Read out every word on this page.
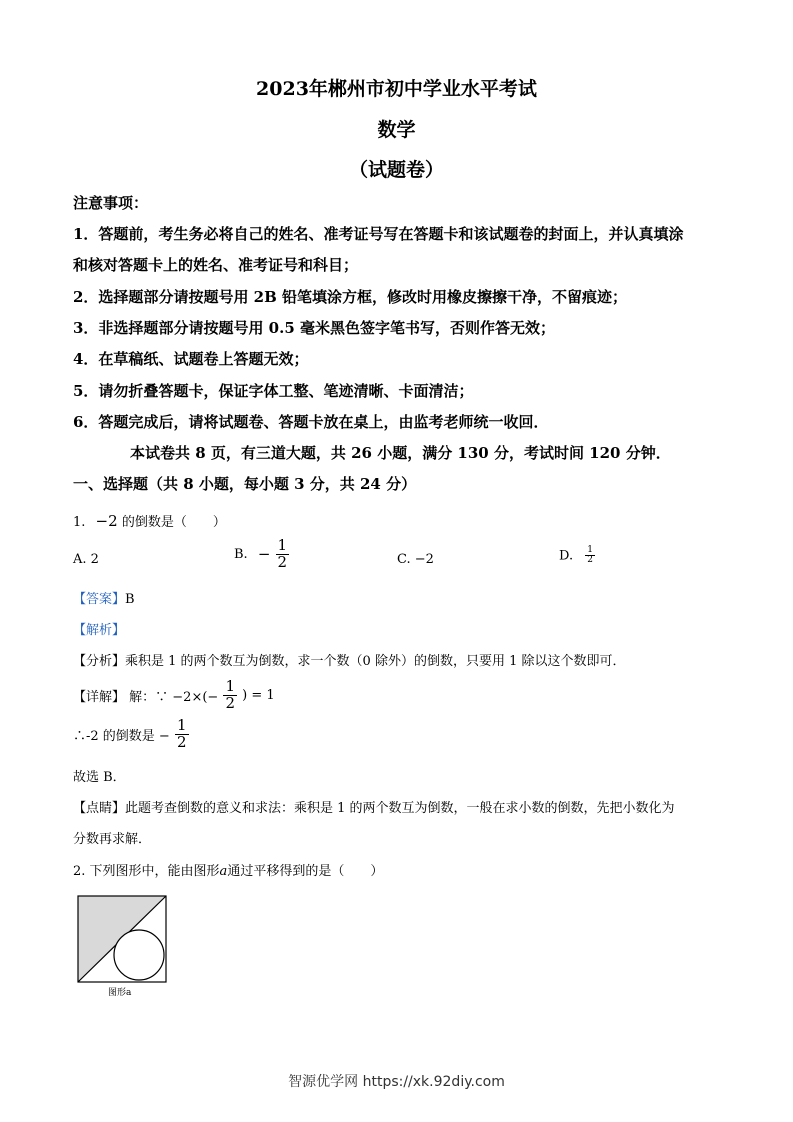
2023年郴州市初中学业水平考试
数学
（试题卷）
注意事项：
1．答题前，考生务必将自己的姓名、准考证号写在答题卡和该试题卷的封面上，并认真填涂
和核对答题卡上的姓名、准考证号和科目；
2．选择题部分请按题号用 2B 铅笔填涂方框，修改时用橡皮擦擦干净，不留痕迹；
3．非选择题部分请按题号用 0.5 毫米黑色签字笔书写，否则作答无效；
4．在草稿纸、试题卷上答题无效；
5．请勿折叠答题卡，保证字体工整、笔迹清晰、卡面清洁；
6．答题完成后，请将试题卷、答题卡放在桌上，由监考老师统一收回．
本试卷共 8 页，有三道大题，共 26 小题，满分 130 分，考试时间 120 分钟．
一、选择题（共 8 小题，每小题 3 分，共 24 分）
1. −2 的倒数是（　　）
A. 2	B. − $\frac{1}{2}$	C. −2	D. $\frac{1}{2}$
【答案】B
【解析】
【分析】乘积是 1 的两个数互为倒数，求一个数（0 除外）的倒数，只要用 1 除以这个数即可．
【详解】 解：∵ $-2\times(- \frac{1}{2}$ ) = 1
∴-2 的倒数是 − $\frac{1}{2}$
故选 B．
【点睛】此题考查倒数的意义和求法：乘积是 1 的两个数互为倒数，一般在求小数的倒数，先把小数化为
分数再求解．
2. 下列图形中，能由图形a通过平移得到的是（　　）
图形a
智源优学网 https://xk.92diy.com
